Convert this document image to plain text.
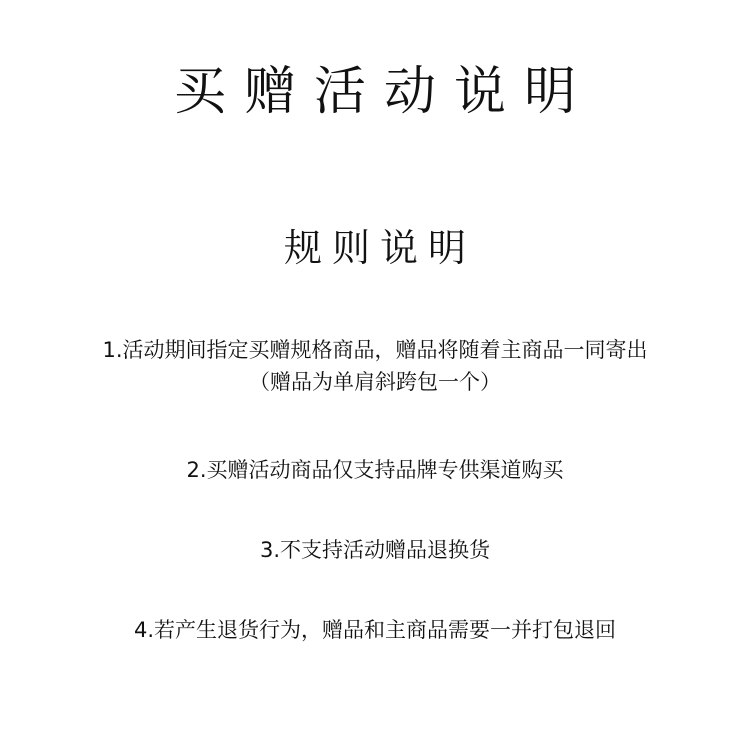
买赠活动说明
规则说明
1.活动期间指定买赠规格商品，赠品将随着主商品一同寄出
（赠品为单肩斜跨包一个）
2.买赠活动商品仅支持品牌专供渠道购买
3.不支持活动赠品退换货
4.若产生退货行为，赠品和主商品需要一并打包退回
